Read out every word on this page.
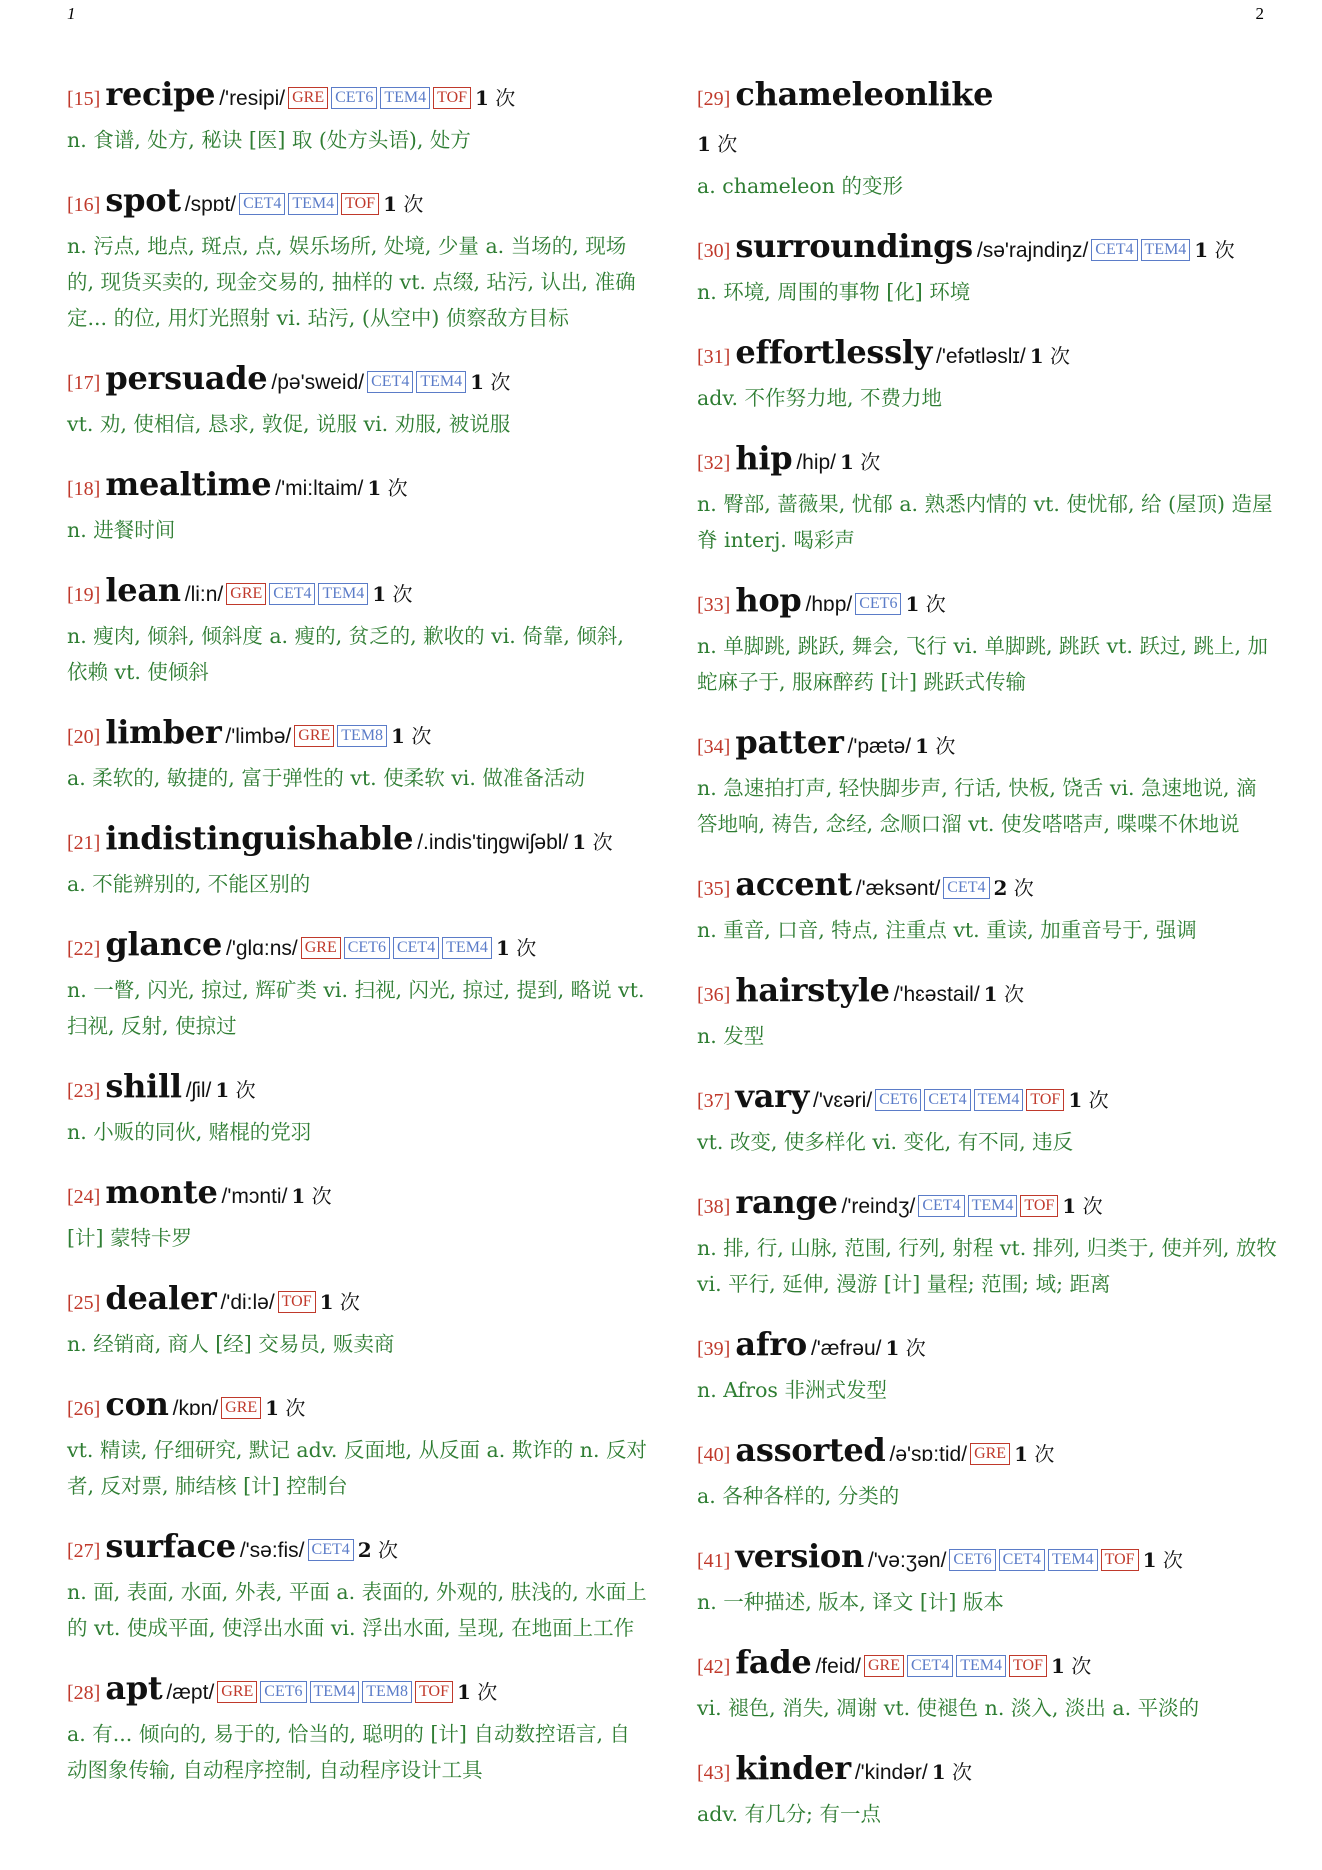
1	2
[15] recipe /'resipi/ GRE CET6 TEM4 TOF 1 次
n. 食谱, 处方, 秘诀 [医] 取 (处方头语), 处方
[16] spot /spɒt/ CET4 TEM4 TOF 1 次
n. 污点, 地点, 斑点, 点, 娱乐场所, 处境, 少量 a. 当场的, 现场的, 现货买卖的, 现金交易的, 抽样的 vt. 点缀, 玷污, 认出, 准确定... 的位, 用灯光照射 vi. 玷污, (从空中) 侦察敌方目标
[17] persuade /pə'sweid/ CET4 TEM4 1 次
vt. 劝, 使相信, 恳求, 敦促, 说服 vi. 劝服, 被说服
[18] mealtime /'mi:ltaim/ 1 次
n. 进餐时间
[19] lean /li:n/ GRE CET4 TEM4 1 次
n. 瘦肉, 倾斜, 倾斜度 a. 瘦的, 贫乏的, 歉收的 vi. 倚靠, 倾斜, 依赖 vt. 使倾斜
[20] limber /'limbə/ GRE TEM8 1 次
a. 柔软的, 敏捷的, 富于弹性的 vt. 使柔软 vi. 做准备活动
[21] indistinguishable /.indis'tiŋgwiʃəbl/ 1 次
a. 不能辨别的, 不能区别的
[22] glance /'glɑ:ns/ GRE CET6 CET4 TEM4 1 次
n. 一瞥, 闪光, 掠过, 辉矿类 vi. 扫视, 闪光, 掠过, 提到, 略说 vt. 扫视, 反射, 使掠过
[23] shill /ʃil/ 1 次
n. 小贩的同伙, 赌棍的党羽
[24] monte /'mɔnti/ 1 次
[计] 蒙特卡罗
[25] dealer /'di:lə/ TOF 1 次
n. 经销商, 商人 [经] 交易员, 贩卖商
[26] con /kɒn/ GRE 1 次
vt. 精读, 仔细研究, 默记 adv. 反面地, 从反面 a. 欺诈的 n. 反对者, 反对票, 肺结核 [计] 控制台
[27] surface /'sə:fis/ CET4 2 次
n. 面, 表面, 水面, 外表, 平面 a. 表面的, 外观的, 肤浅的, 水面上的 vt. 使成平面, 使浮出水面 vi. 浮出水面, 呈现, 在地面上工作
[28] apt /æpt/ GRE CET6 TEM4 TEM8 TOF 1 次
a. 有... 倾向的, 易于的, 恰当的, 聪明的 [计] 自动数控语言, 自动图象传输, 自动程序控制, 自动程序设计工具
[29] chameleonlike
1 次
a. chameleon 的变形
[30] surroundings /sə'rajndiŋz/ CET4 TEM4 1 次
n. 环境, 周围的事物 [化] 环境
[31] effortlessly /'efətləslɪ/ 1 次
adv. 不作努力地, 不费力地
[32] hip /hip/ 1 次
n. 臀部, 蔷薇果, 忧郁 a. 熟悉内情的 vt. 使忧郁, 给 (屋顶) 造屋脊 interj. 喝彩声
[33] hop /hɒp/ CET6 1 次
n. 单脚跳, 跳跃, 舞会, 飞行 vi. 单脚跳, 跳跃 vt. 跃过, 跳上, 加蛇麻子于, 服麻醉药 [计] 跳跃式传输
[34] patter /'pætə/ 1 次
n. 急速拍打声, 轻快脚步声, 行话, 快板, 饶舌 vi. 急速地说, 滴答地响, 祷告, 念经, 念顺口溜 vt. 使发嗒嗒声, 喋喋不休地说
[35] accent /'æksənt/ CET4 2 次
n. 重音, 口音, 特点, 注重点 vt. 重读, 加重音号于, 强调
[36] hairstyle /'hɛəstail/ 1 次
n. 发型
[37] vary /'vɛəri/ CET6 CET4 TEM4 TOF 1 次
vt. 改变, 使多样化 vi. 变化, 有不同, 违反
[38] range /'reindʒ/ CET4 TEM4 TOF 1 次
n. 排, 行, 山脉, 范围, 行列, 射程 vt. 排列, 归类于, 使并列, 放牧 vi. 平行, 延伸, 漫游 [计] 量程; 范围; 域; 距离
[39] afro /'æfrəu/ 1 次
n. Afros 非洲式发型
[40] assorted /ə'sɒ:tid/ GRE 1 次
a. 各种各样的, 分类的
[41] version /'və:ʒən/ CET6 CET4 TEM4 TOF 1 次
n. 一种描述, 版本, 译文 [计] 版本
[42] fade /feid/ GRE CET4 TEM4 TOF 1 次
vi. 褪色, 消失, 凋谢 vt. 使褪色 n. 淡入, 淡出 a. 平淡的
[43] kinder /'kindər/ 1 次
adv. 有几分; 有一点
